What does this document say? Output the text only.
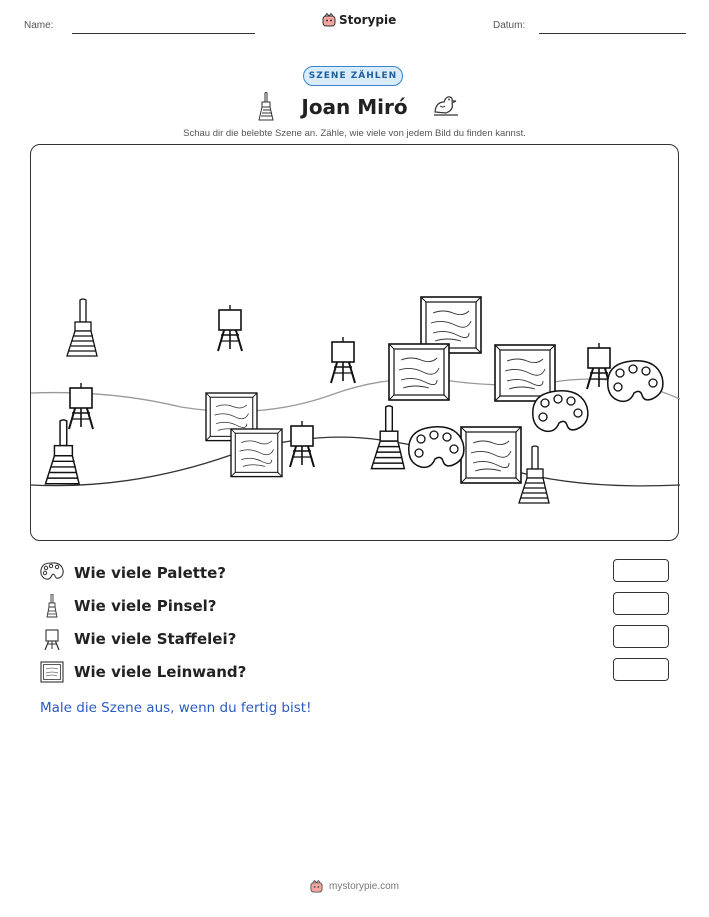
Name:	Storypie	Datum:
SZENE ZÄHLEN
Joan Miró
Schau dir die belebte Szene an. Zähle, wie viele von jedem Bild du finden kannst.
Wie viele Palette?
Wie viele Pinsel?
Wie viele Staffelei?
Wie viele Leinwand?
Male die Szene aus, wenn du fertig bist!
mystorypie.com
